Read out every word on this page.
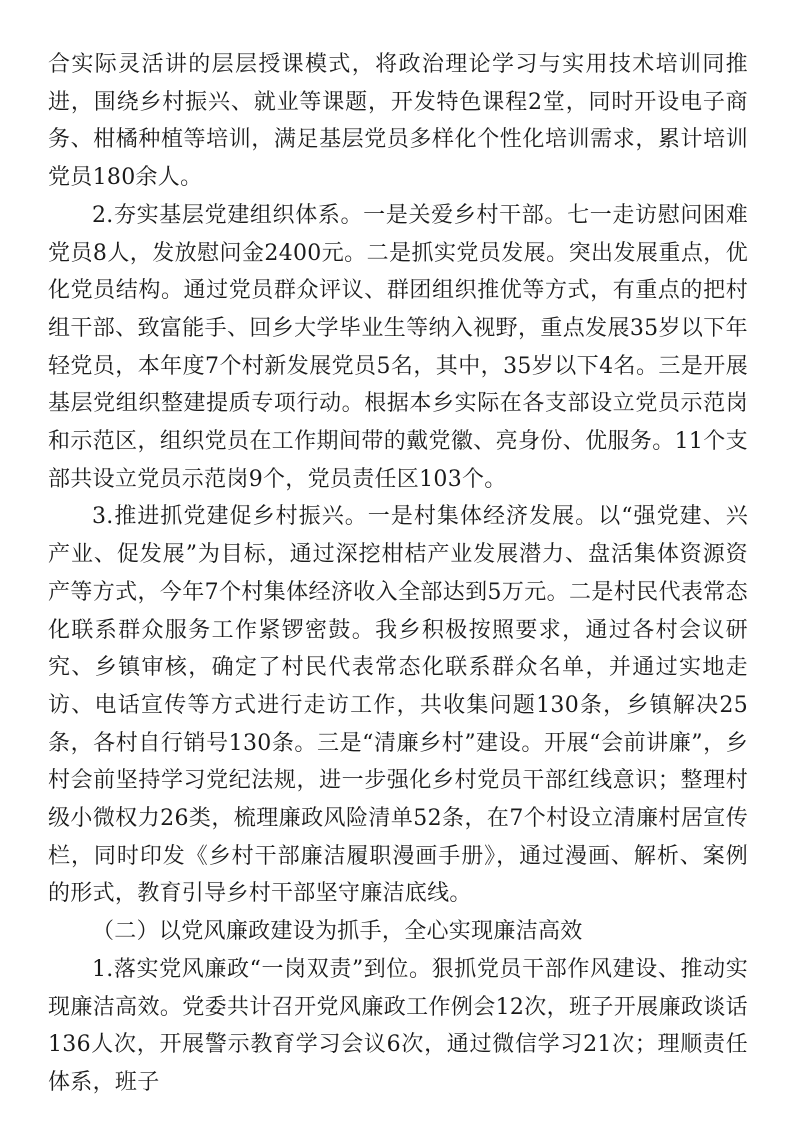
合实际灵活讲的层层授课模式，将政治理论学习与实用技术培训同推进，围绕乡村振兴、就业等课题，开发特色课程2堂，同时开设电子商务、柑橘种植等培训，满足基层党员多样化个性化培训需求，累计培训党员180余人。

2.夯实基层党建组织体系。一是关爱乡村干部。七一走访慰问困难党员8人，发放慰问金2400元。二是抓实党员发展。突出发展重点，优化党员结构。通过党员群众评议、群团组织推优等方式，有重点的把村组干部、致富能手、回乡大学毕业生等纳入视野，重点发展35岁以下年轻党员，本年度7个村新发展党员5名，其中，35岁以下4名。三是开展基层党组织整建提质专项行动。根据本乡实际在各支部设立党员示范岗和示范区，组织党员在工作期间带的戴党徽、亮身份、优服务。11个支部共设立党员示范岗9个，党员责任区103个。

3.推进抓党建促乡村振兴。一是村集体经济发展。以“强党建、兴产业、促发展”为目标，通过深挖柑桔产业发展潜力、盘活集体资源资产等方式，今年7个村集体经济收入全部达到5万元。二是村民代表常态化联系群众服务工作紧锣密鼓。我乡积极按照要求，通过各村会议研究、乡镇审核，确定了村民代表常态化联系群众名单，并通过实地走访、电话宣传等方式进行走访工作，共收集问题130条，乡镇解决25条，各村自行销号130条。三是“清廉乡村”建设。开展“会前讲廉”，乡村会前坚持学习党纪法规，进一步强化乡村党员干部红线意识；整理村级小微权力26类，梳理廉政风险清单52条，在7个村设立清廉村居宣传栏，同时印发《乡村干部廉洁履职漫画手册》，通过漫画、解析、案例的形式，教育引导乡村干部坚守廉洁底线。

（二）以党风廉政建设为抓手，全心实现廉洁高效

1.落实党风廉政“一岗双责”到位。狠抓党员干部作风建设、推动实现廉洁高效。党委共计召开党风廉政工作例会12次，班子开展廉政谈话136人次，开展警示教育学习会议6次，通过微信学习21次；理顺责任体系，班子
